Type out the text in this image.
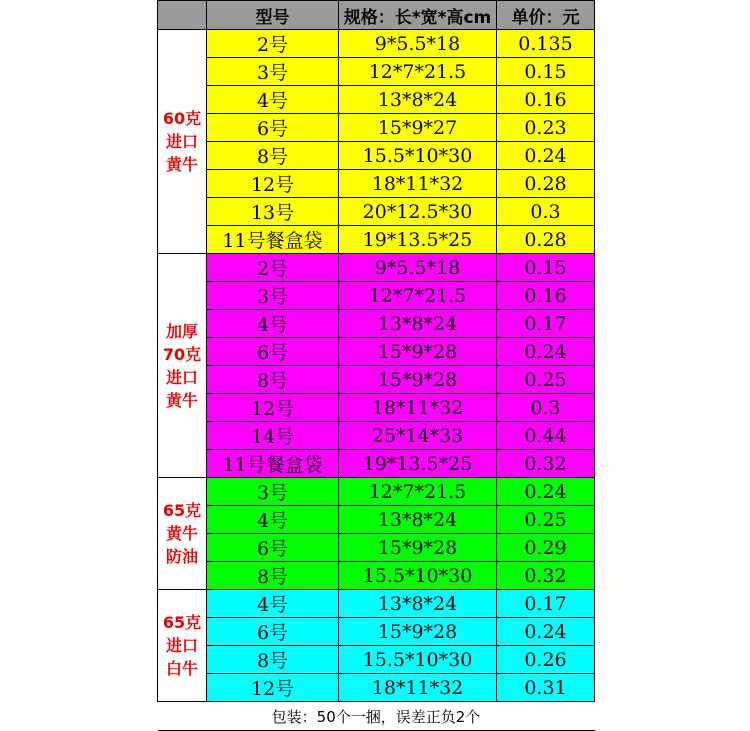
	型号	规格：长*宽*高cm	单价：元

60克
进口
黄牛	2号	9*5.5*18	0.135
	3号	12*7*21.5	0.15
	4号	13*8*24	0.16
	6号	15*9*27	0.23
	8号	15.5*10*30	0.24
	12号	18*11*32	0.28
	13号	20*12.5*30	0.3
	11号餐盒袋	19*13.5*25	0.28

加厚
70克
进口
黄牛	2号	9*5.5*18	0.15
	3号	12*7*21.5	0.16
	4号	13*8*24	0.17
	6号	15*9*28	0.24
	8号	15*9*28	0.25
	12号	18*11*32	0.3
	14号	25*14*33	0.44
	11号餐盒袋	19*13.5*25	0.32

65克
黄牛
防油	3号	12*7*21.5	0.24
	4号	13*8*24	0.25
	6号	15*9*28	0.29
	8号	15.5*10*30	0.32

65克
进口
白牛	4号	13*8*24	0.17
	6号	15*9*28	0.24
	8号	15.5*10*30	0.26
	12号	18*11*32	0.31
包装：50个一捆，误差正负2个			
